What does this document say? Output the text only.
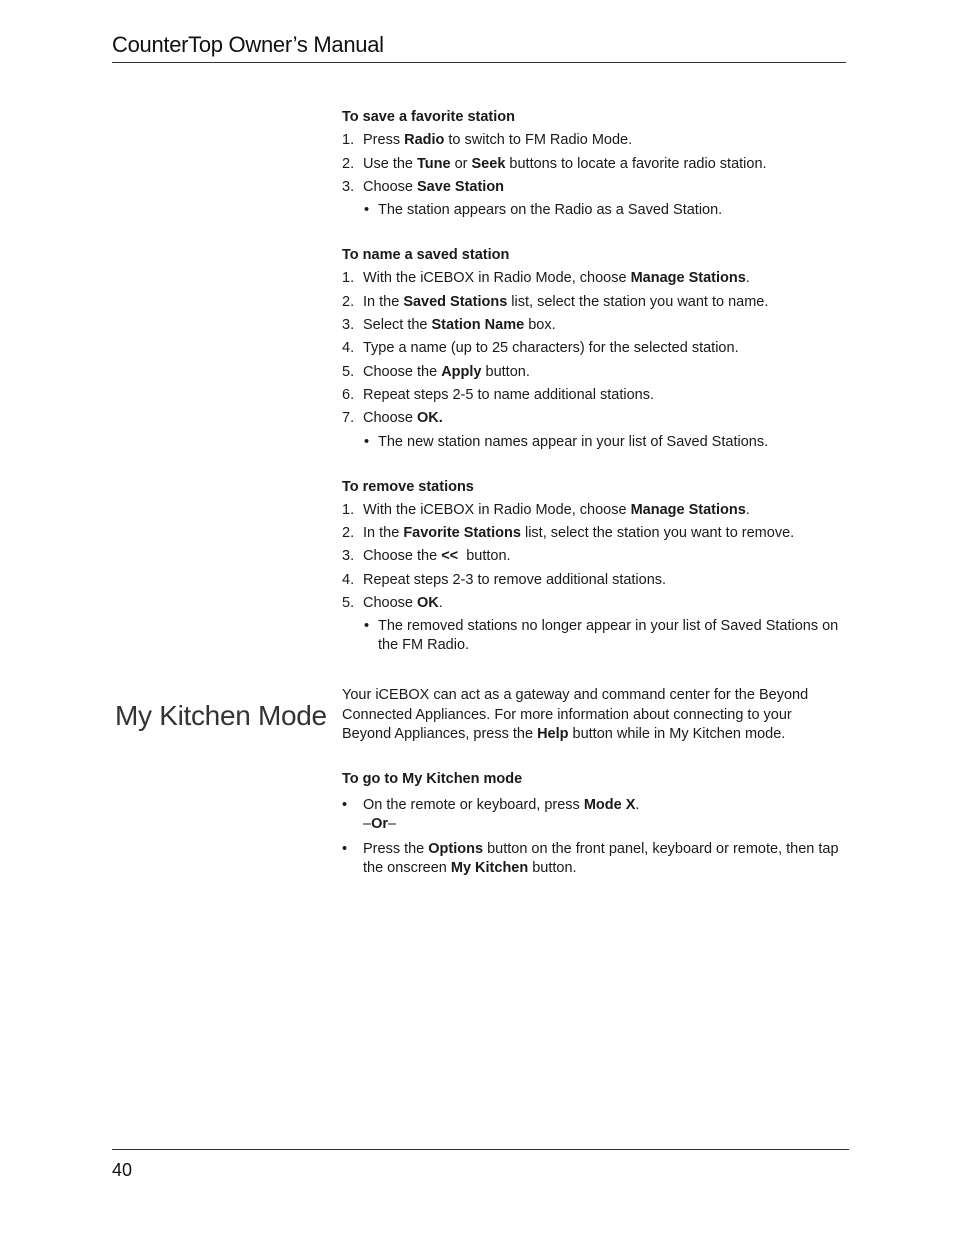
CounterTop Owner’s Manual
My Kitchen Mode

To save a favorite station

1. Press Radio to switch to FM Radio Mode.
2. Use the Tune or Seek buttons to locate a favorite radio station.
3. Choose Save Station
• The station appears on the Radio as a Saved Station.

To name a saved station

1. With the iCEBOX in Radio Mode, choose Manage Stations.
2. In the Saved Stations list, select the station you want to name.
3. Select the Station Name box.
4. Type a name (up to 25 characters) for the selected station.
5. Choose the Apply button.
6. Repeat steps 2-5 to name additional stations.
7. Choose OK.
• The new station names appear in your list of Saved Stations.

To remove stations

1. With the iCEBOX in Radio Mode, choose Manage Stations.
2. In the Favorite Stations list, select the station you want to remove.
3. Choose the <<  button.
4. Repeat steps 2-3 to remove additional stations.
5. Choose OK.
• The removed stations no longer appear in your list of Saved Stations on the FM Radio.

Your iCEBOX can act as a gateway and command center for the Beyond Connected Appliances. For more information about connecting to your Beyond Appliances, press the Help button while in My Kitchen mode.

To go to My Kitchen mode

•	On the remote or keyboard, press Mode X.
–Or–
•	Press the Options button on the front panel, keyboard or remote, then tap the onscreen My Kitchen button.
40
